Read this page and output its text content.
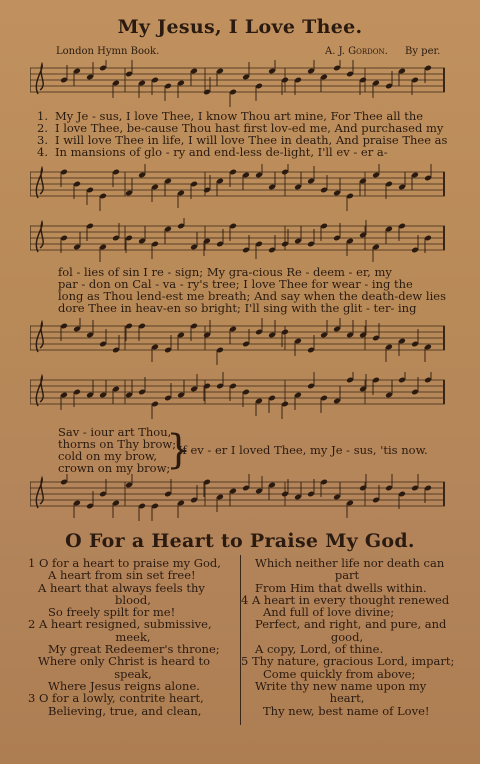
My Jesus, I Love Thee.
London Hymn Book.	A. J. Gordon. By per.
1.
2.
3.
4.
My Je - sus, I love Thee, I know Thou art mine, For Thee all the
I love Thee, be-cause Thou hast first lov-ed me, And purchased my
I will love Thee in life, I will love Thee in death, And praise Thee as
In mansions of glo - ry and end-less de-light, I'll ev - er a-
fol - lies of sin I re - sign; My gra-cious Re - deem - er, my
par - don on Cal - va - ry's tree; I love Thee for wear - ing the
long as Thou lend-est me breath; And say when the death-dew lies
dore Thee in heav-en so bright; I'll sing with the glit - ter- ing
Sav - iour art Thou,
thorns on Thy brow;
cold on my brow,
crown on my brow;
}
If ev - er I loved Thee, my Je - sus, 'tis now.
O For a Heart to Praise My God.
1 O for a heart to praise my God,
A heart from sin set free!
A heart that always feels thy
blood,
So freely spilt for me!
2 A heart resigned, submissive,
meek,
My great Redeemer's throne;
Where only Christ is heard to
speak,
Where Jesus reigns alone.
3 O for a lowly, contrite heart,
Believing, true, and clean,
Which neither life nor death can
part
From Him that dwells within.
4 A heart in every thought renewed
And full of love divine;
Perfect, and right, and pure, and
good,
A copy, Lord, of thine.
5 Thy nature, gracious Lord, impart;
Come quickly from above;
Write thy new name upon my
heart,
Thy new, best name of Love!
